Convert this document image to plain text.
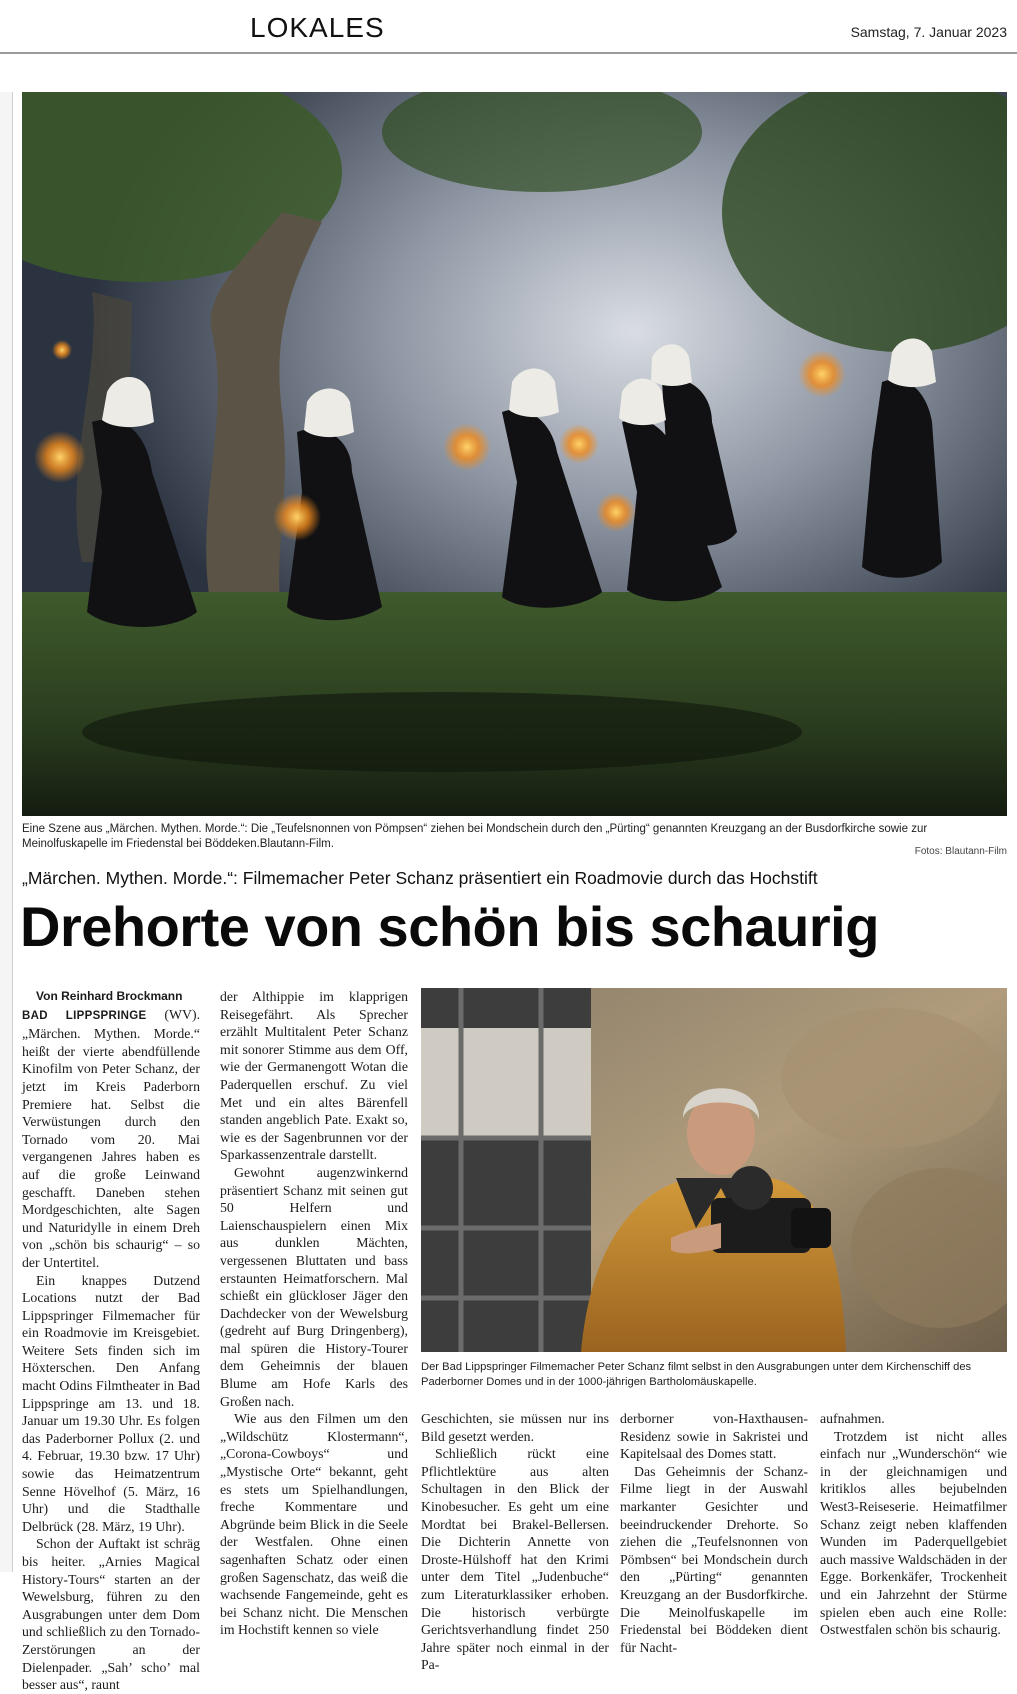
LOKALES	Samstag, 7. Januar 2023
Eine Szene aus „Märchen. Mythen. Morde.“: Die „Teufelsnonnen von Pömpsen“ ziehen bei Mondschein durch den „Pürting“ genannten Kreuzgang an der Busdorfkirche sowie zur Meinolfuskapelle im Friedenstal bei Böddeken.Blautann-Film.
Fotos: Blautann-Film
„Märchen. Mythen. Morde.“: Filmemacher Peter Schanz präsentiert ein Roadmovie durch das Hochstift
Drehorte von schön bis schaurig

Von Reinhard Brockmann

BAD LIPPSPRINGE (WV). „Märchen. Mythen. Morde.“ heißt der vierte abendfüllende Kinofilm von Peter Schanz, der jetzt im Kreis Paderborn Premiere hat. Selbst die Verwüstungen durch den Tornado vom 20. Mai vergangenen Jahres haben es auf die große Leinwand geschafft. Daneben stehen Mordgeschichten, alte Sagen und Naturidylle in einem Dreh von „schön bis schaurig“ – so der Untertitel.

Ein knappes Dutzend Locations nutzt der Bad Lippspringer Filmemacher für ein Roadmovie im Kreisgebiet. Weitere Sets finden sich im Höxterschen. Den Anfang macht Odins Filmtheater in Bad Lippspringe am 13. und 18. Januar um 19.30 Uhr. Es folgen das Paderborner Pollux (2. und 4. Februar, 19.30 bzw. 17 Uhr) sowie das Heimatzentrum Senne Hövelhof (5. März, 16 Uhr) und die Stadthalle Delbrück (28. März, 19 Uhr).

Schon der Auftakt ist schräg bis heiter. „Arnies Magical History-Tours“ starten an der Wewelsburg, führen zu den Ausgrabungen unter dem Dom und schließlich zu den Tornado-Zerstörungen an der Dielenpader. „Sah’ scho’ mal besser aus“, raunt

der Althippie im klapprigen Reisegefährt. Als Sprecher erzählt Multitalent Peter Schanz mit sonorer Stimme aus dem Off, wie der Germanengott Wotan die Paderquellen erschuf. Zu viel Met und ein altes Bärenfell standen angeblich Pate. Exakt so, wie es der Sagenbrunnen vor der Sparkassenzentrale darstellt.

Gewohnt augenzwinkernd präsentiert Schanz mit seinen gut 50 Helfern und Laienschauspielern einen Mix aus dunklen Mächten, vergessenen Bluttaten und bass erstaunten Heimatforschern. Mal schießt ein glückloser Jäger den Dachdecker von der Wewelsburg (gedreht auf Burg Dringenberg), mal spüren die History-Tourer dem Geheimnis der blauen Blume am Hofe Karls des Großen nach.

Wie aus den Filmen um den „Wildschütz Klostermann“, „Corona-Cowboys“ und „Mystische Orte“ bekannt, geht es stets um Spielhandlungen, freche Kommentare und Abgründe beim Blick in die Seele der Westfalen. Ohne einen sagenhaften Schatz oder einen großen Sagenschatz, das weiß die wachsende Fangemeinde, geht es bei Schanz nicht. Die Menschen im Hochstift kennen so viele

Der Bad Lippspringer Filmemacher Peter Schanz filmt selbst in den Ausgrabungen unter dem Kirchenschiff des Paderborner Domes und in der 1000-jährigen Bartholomäuskapelle.

Geschichten, sie müssen nur ins Bild gesetzt werden.

Schließlich rückt eine Pflichtlektüre aus alten Schultagen in den Blick der Kinobesucher. Es geht um eine Mordtat bei Brakel-Bellersen. Die Dichterin Annette von Droste-Hülshoff hat den Krimi unter dem Titel „Judenbuche“ zum Literaturklassiker erhoben. Die historisch verbürgte Gerichtsverhandlung findet 250 Jahre später noch einmal in der Pa-

derborner von-Haxthausen-Residenz sowie in Sakristei und Kapitelsaal des Domes statt.

Das Geheimnis der Schanz-Filme liegt in der Auswahl markanter Gesichter und beeindruckender Drehorte. So ziehen die „Teufelsnonnen von Pömbsen“ bei Mondschein durch den „Pürting“ genannten Kreuzgang an der Busdorfkirche. Die Meinolfuskapelle im Friedenstal bei Böddeken dient für Nacht-

aufnahmen.

Trotzdem ist nicht alles einfach nur „Wunderschön“ wie in der gleichnamigen und kritiklos alles bejubelnden West3-Reiseserie. Heimatfilmer Schanz zeigt neben klaffenden Wunden im Paderquellgebiet auch massive Waldschäden in der Egge. Borkenkäfer, Trockenheit und ein Jahrzehnt der Stürme spielen eben auch eine Rolle: Ostwestfalen schön bis schaurig.
